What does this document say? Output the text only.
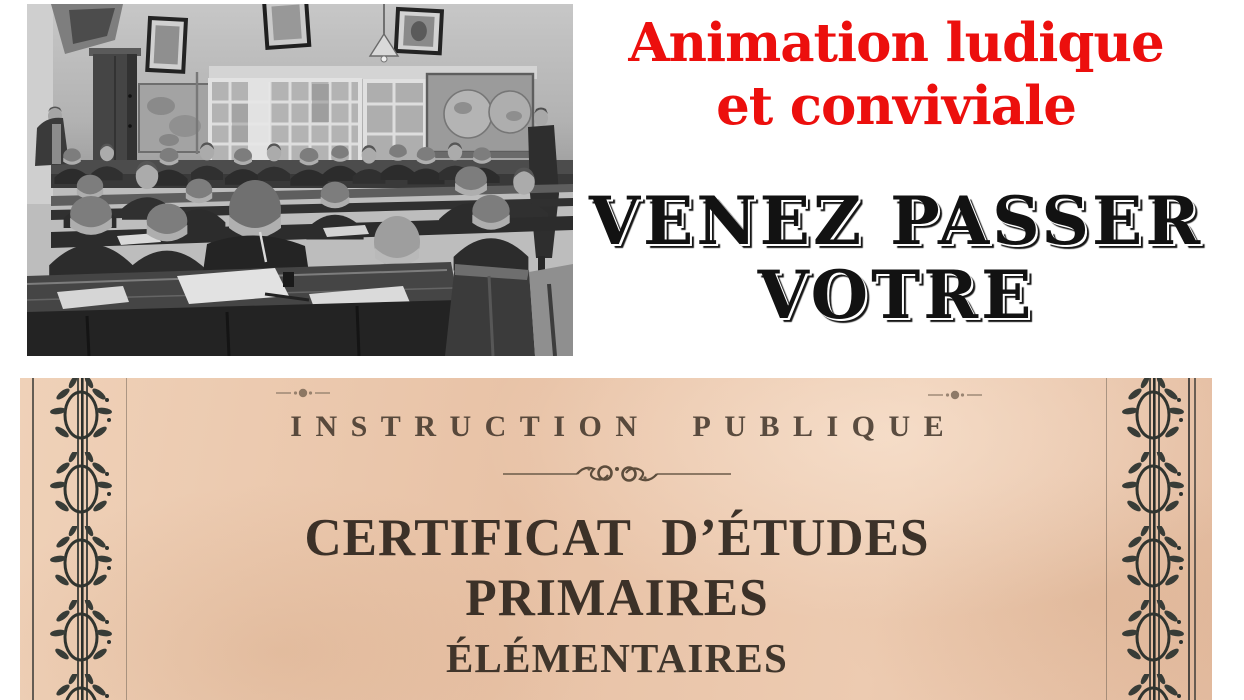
Animation ludique
et conviviale
VENEZ PASSER
VOTRE
INSTRUCTION PUBLIQUE
CERTIFICAT D’ÉTUDES PRIMAIRES
ÉLÉMENTAIRES
